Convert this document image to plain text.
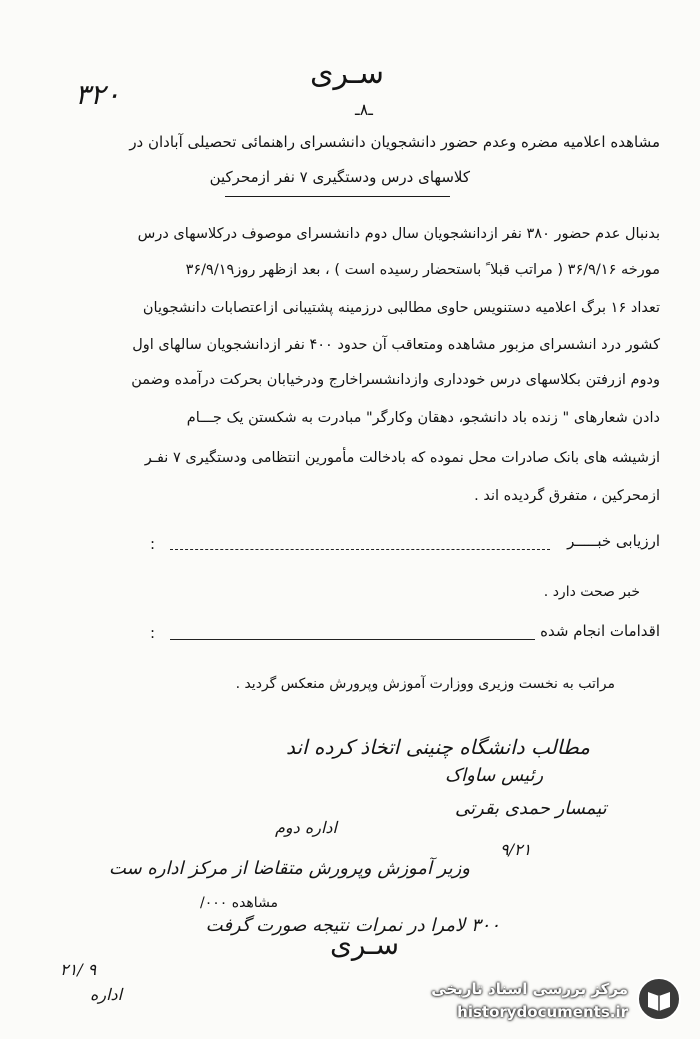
سـری
۳۲۰	ـ۸ـ
مشاهده اعلامیه مضره وعدم حضور دانشجویان دانشسرای راهنمائی تحصیلی آبادان در
کلاسهای درس ودستگیری ۷ نفر ازمحرکین
بدنبال عدم حضور ۳۸۰ نفر ازدانشجویان سال دوم دانشسرای موصوف درکلاسهای درس
مورخه ۳۶/۹/۱۶ ( مراتب قبلا ً باستحضار رسیده است ) ، بعد ازظهر روز۳۶/۹/۱۹
تعداد ۱۶ برگ اعلامیه دستنویس حاوی مطالبی درزمینه پشتیبانی ازاعتصابات دانشجویان
کشور درد انشسرای مزبور مشاهده ومتعاقب آن حدود ۴۰۰ نفر ازدانشجویان سالهای اول
ودوم ازرفتن بکلاسهای درس خودداری وازدانشسراخارج ودرخیابان بحرکت درآمده وضمن
دادن شعارهای " زنده باد دانشجو، دهقان وکارگر" مبادرت به شکستن یک جـــام
ازشیشه های بانک صادرات محل نموده که بادخالت مأمورین انتظامی ودستگیری ۷ نفـر
ازمحرکین ، متفرق گردیده اند .
ارزیابی خبـــــر
:
خبر صحت دارد .
اقدامات انجام شده
:
مراتب به نخست وزیری ووزارت آموزش وپرورش منعکس گردید .
مطالب دانشگاه چنینی اتخاذ کرده اند
رئیس ساواک
تیمسار حمدی بقرتی
۹/۲۱
اداره دوم
وزیر آموزش وپرورش متقاضا از مرکز اداره ست
مشاهده ۰۰۰/
۳۰۰ لامرا در نمرات نتیجه صورت گرفت
۲۱/ ۹
اداره
سـری
مرکز بررسی اسناد تاریخی
historydocuments.ir
